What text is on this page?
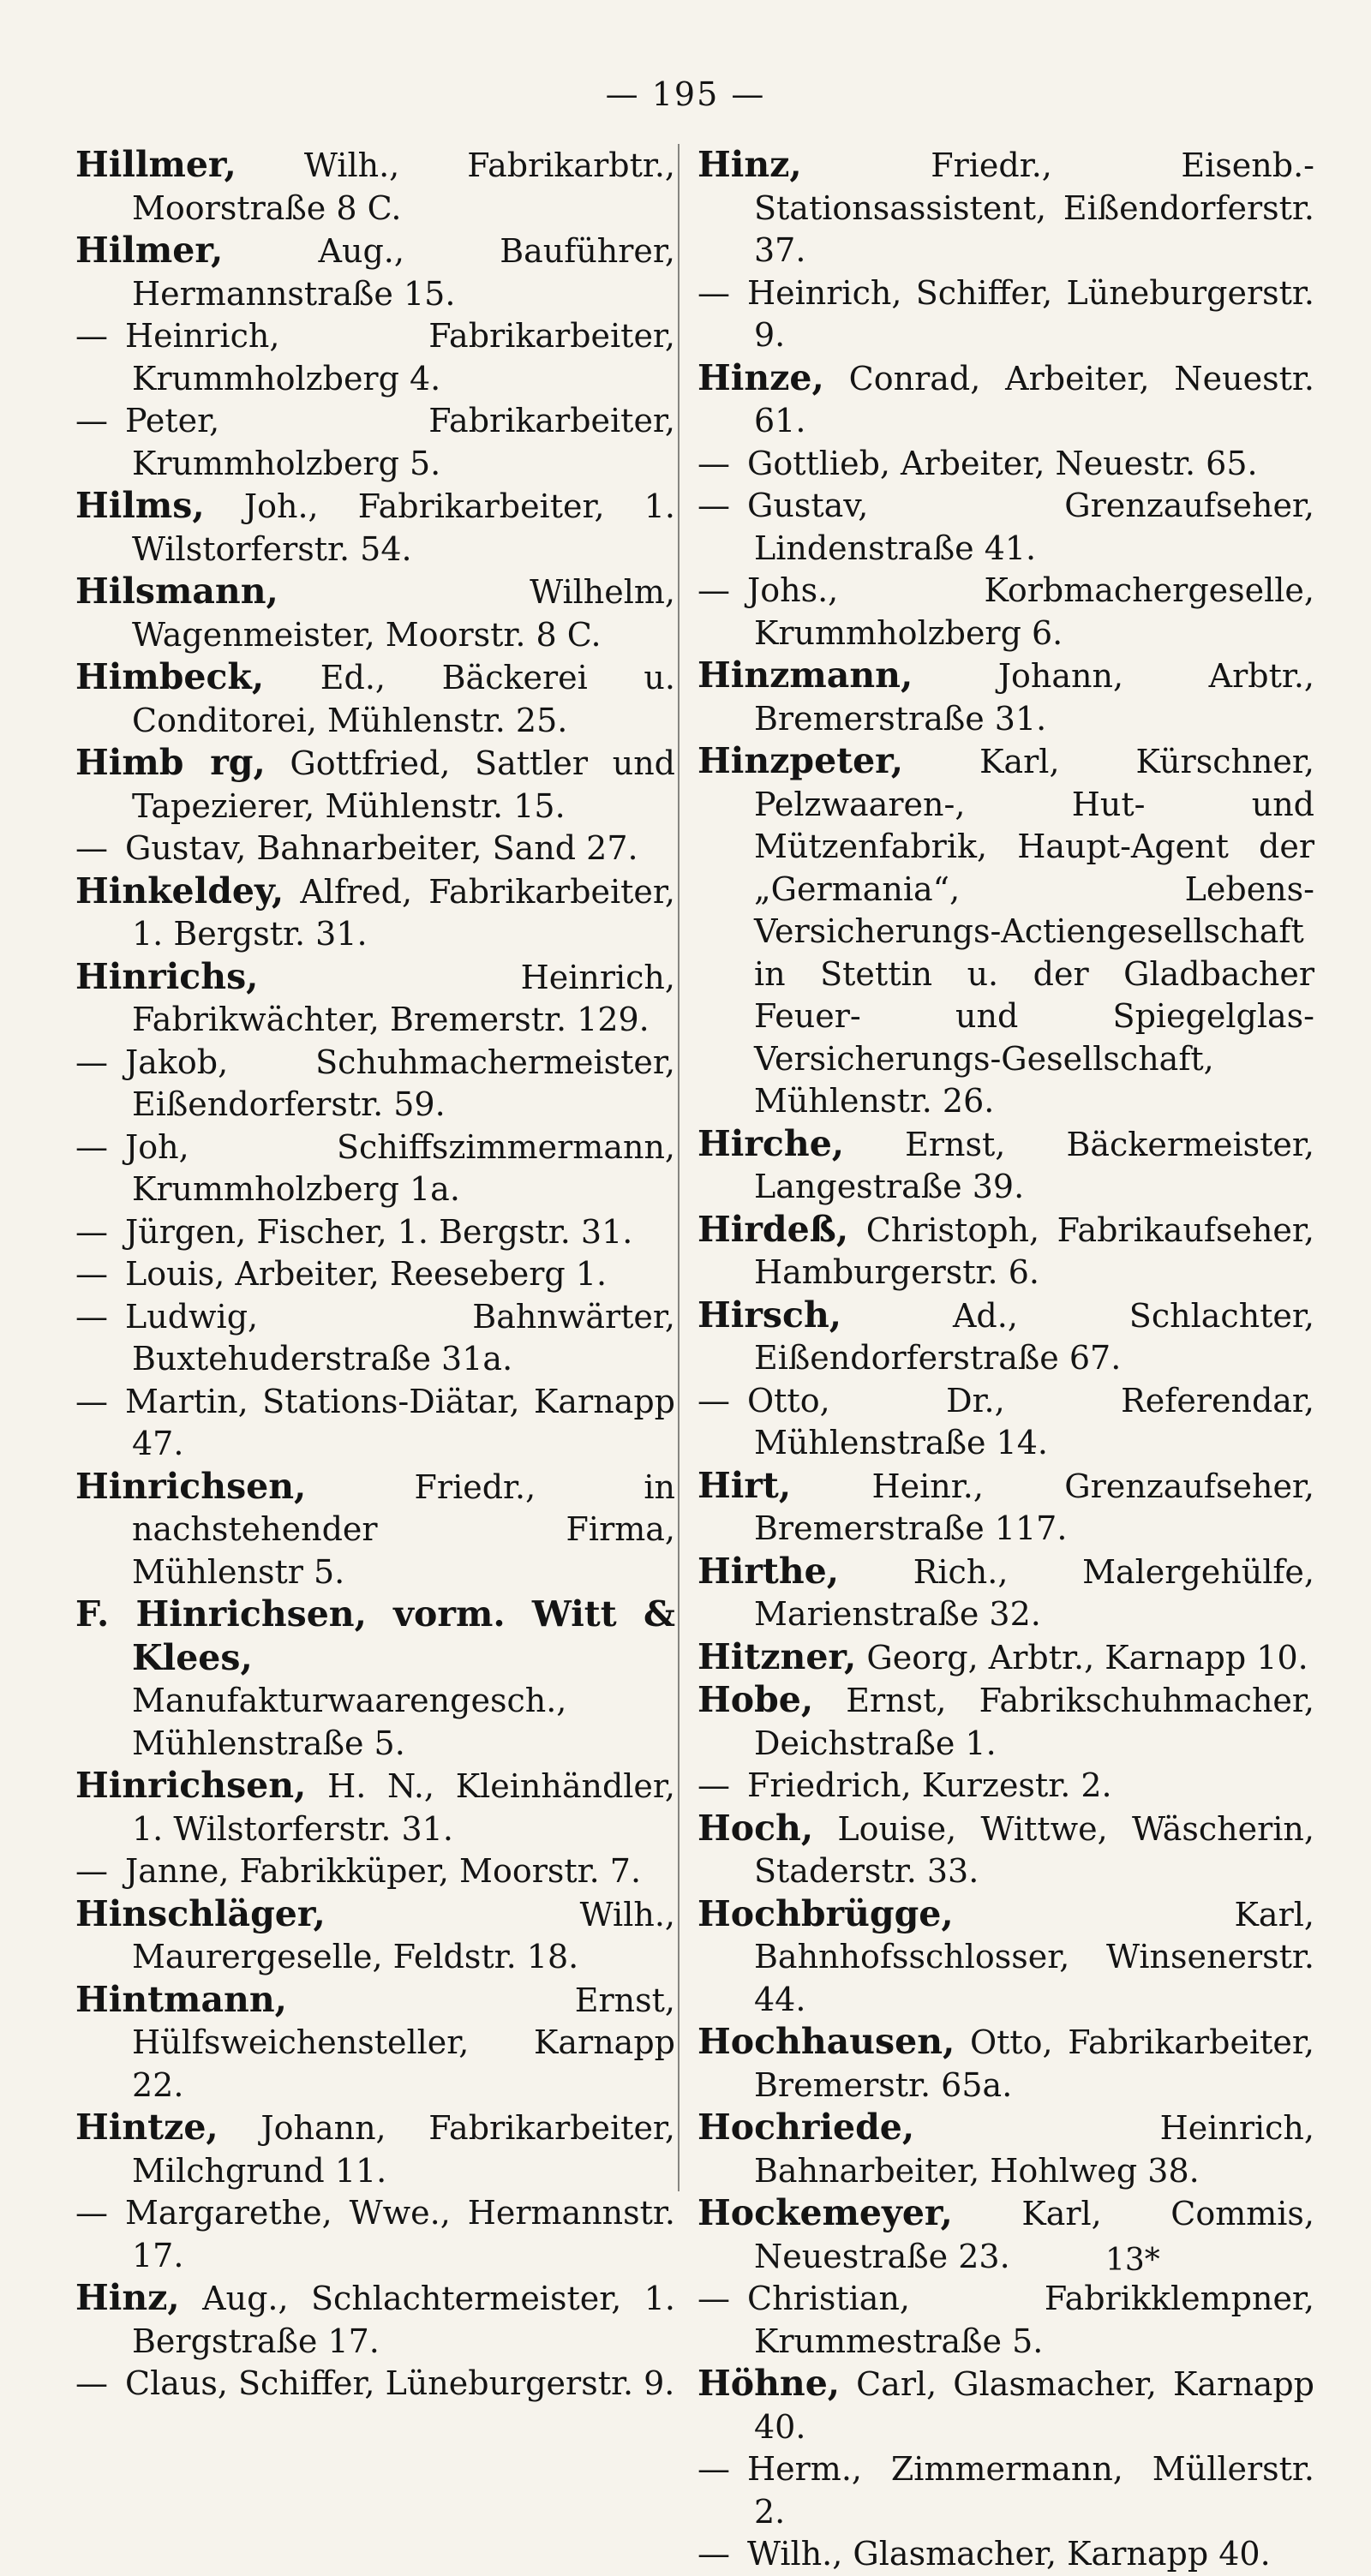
— 195 —

Hillmer, Wilh., Fabrikarbtr., Moorstraße 8 C.

Hilmer,	Aug., Bauführer, Hermannstraße 15.

— Heinrich, Fabrikarbeiter, Krummholzberg 4.

— Peter, Fabrikarbeiter, Krummholzberg 5.

Hilms, Joh., Fabrikarbeiter, 1. Wilstorferstr. 54.

Hilsmann,	Wilhelm, Wagenmeister, Moorstr. 8 C.

Himbeck, Ed., Bäckerei u. Conditorei, Mühlenstr. 25.

Himb rg, Gottfried, Sattler und Tapezierer, Mühlenstr. 15.

— Gustav, Bahnarbeiter, Sand 27.

Hinkeldey, Alfred, Fabrikarbeiter, 1. Bergstr. 31.

Hinrichs,	Heinrich, Fabrikwächter, Bremerstr. 129.

— Jakob, Schuhmachermeister, Eißendorferstr. 59.

— Joh, Schiffszimmermann, Krummholzberg 1a.

— Jürgen, Fischer, 1. Bergstr. 31.

— Louis, Arbeiter, Reeseberg 1.

— Ludwig, Bahnwärter, Buxtehuderstraße 31a.

— Martin, Stations-Diätar, Karnapp 47.

Hinrichsen,	Friedr., in nachstehender Firma, Mühlenstr 5.

F. Hinrichsen, vorm. Witt & Klees, Manufakturwaarengesch., Mühlenstraße 5.

Hinrichsen, H. N., Kleinhändler, 1. Wilstorferstr. 31.

— Janne, Fabrikküper, Moorstr. 7.

Hinschläger,	Wilh., Maurergeselle, Feldstr. 18.

Hintmann,	Ernst, Hülfsweichensteller, Karnapp 22.

Hintze, Johann, Fabrikarbeiter, Milchgrund 11.

— Margarethe, Wwe., Hermannstr. 17.

Hinz, Aug., Schlachtermeister, 1. Bergstraße 17.

— Claus, Schiffer, Lüneburgerstr. 9.

Hinz,	Friedr., Eisenb.-Stationsassistent, Eißendorferstr. 37.

— Heinrich, Schiffer, Lüneburgerstr. 9.

Hinze, Conrad, Arbeiter, Neuestr. 61.

— Gottlieb, Arbeiter, Neuestr. 65.

— Gustav, Grenzaufseher, Lindenstraße 41.

— Johs., Korbmachergeselle, Krummholzberg 6.

Hinzmann,	Johann, Arbtr., Bremerstraße 31.

Hinzpeter, Karl, Kürschner, Pelzwaaren-, Hut- und Mützenfabrik, Haupt-Agent der „Germania“, Lebens-Versicherungs-Actiengesellschaft in Stettin u. der Gladbacher Feuer- und Spiegelglas-Versicherungs-Gesellschaft, Mühlenstr. 26.

Hirche, Ernst, Bäckermeister, Langestraße 39.

Hirdeß, Christoph, Fabrikaufseher, Hamburgerstr. 6.

Hirsch,	Ad., Schlachter, Eißendorferstraße 67.

— Otto, Dr., Referendar, Mühlenstraße 14.

Hirt, Heinr., Grenzaufseher, Bremerstraße 117.

Hirthe, Rich., Malergehülfe, Marienstraße 32.

Hitzner, Georg, Arbtr., Karnapp 10.

Hobe, Ernst, Fabrikschuhmacher, Deichstraße 1.

— Friedrich, Kurzestr. 2.

Hoch, Louise, Wittwe, Wäscherin, Staderstr. 33.

Hochbrügge,	Karl, Bahnhofsschlosser, Winsenerstr. 44.

Hochhausen, Otto, Fabrikarbeiter, Bremerstr. 65a.

Hochriede,	Heinrich, Bahnarbeiter, Hohlweg 38.

Hockemeyer, Karl, Commis, Neuestraße 23.

— Christian, Fabrikklempner, Krummestraße 5.

Höhne, Carl, Glasmacher, Karnapp 40.

— Herm., Zimmermann, Müllerstr. 2.

— Wilh., Glasmacher, Karnapp 40.

13*
